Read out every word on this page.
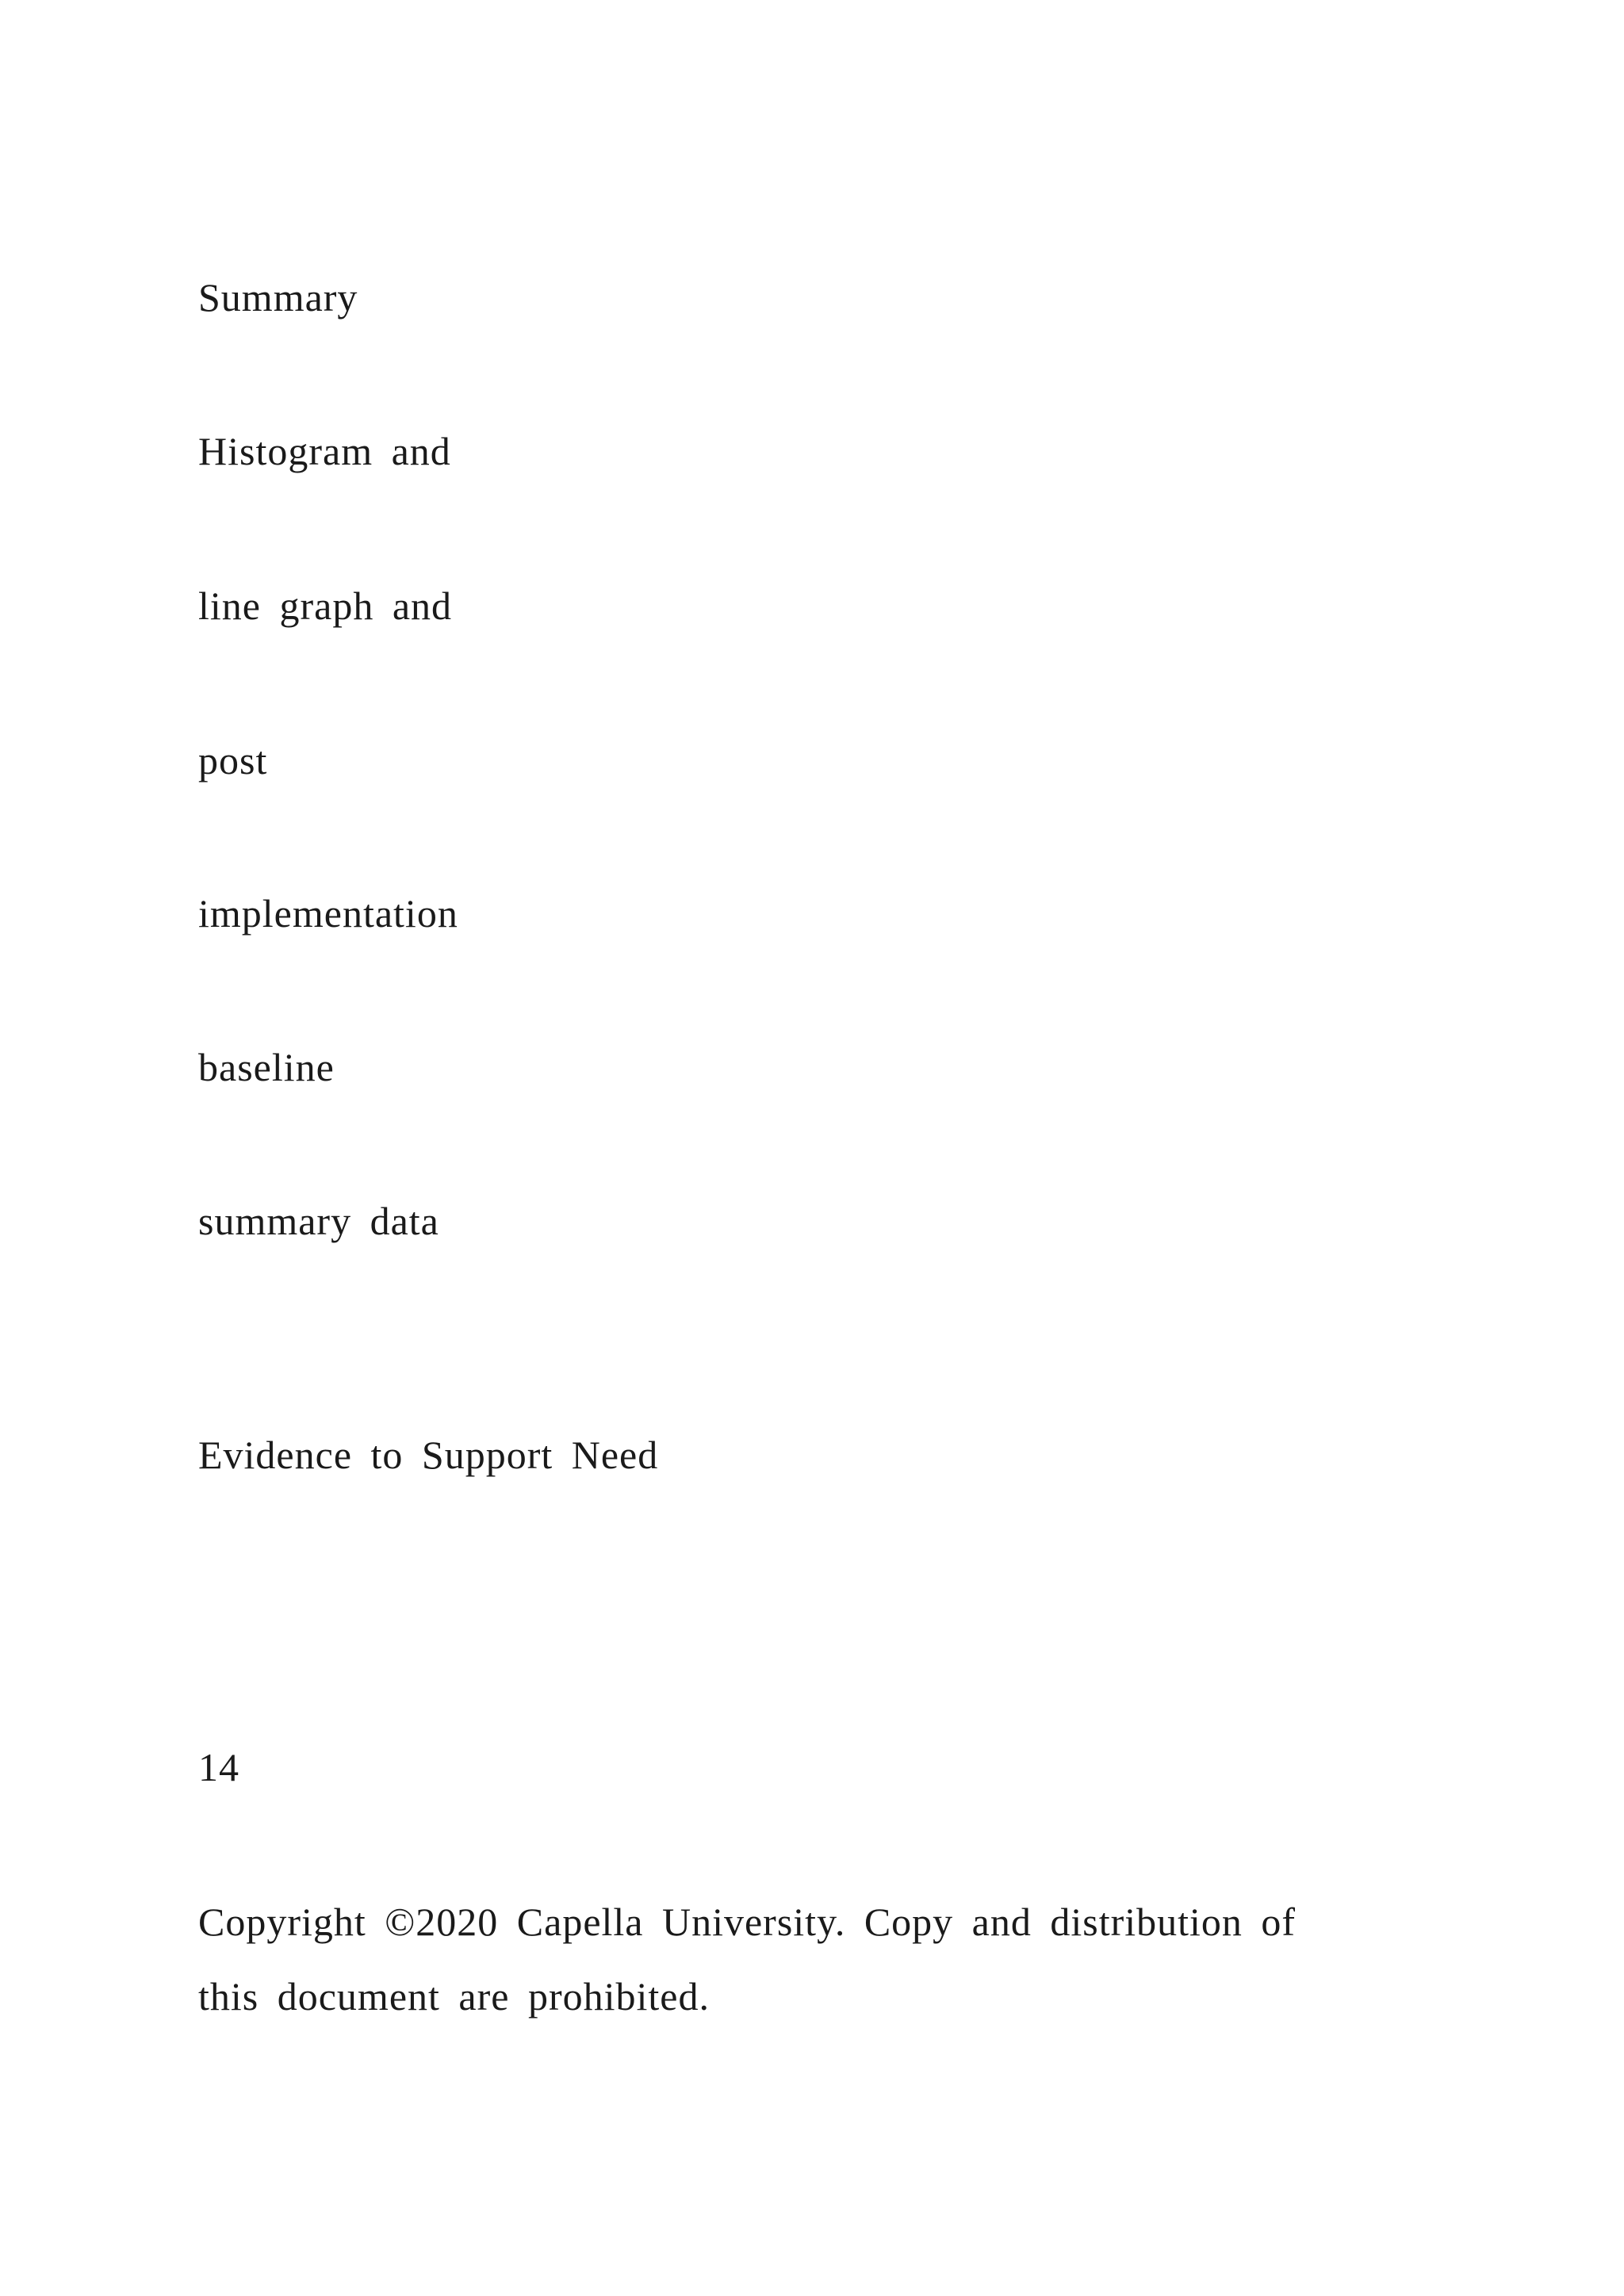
Summary
Histogram and
line graph and
post
implementation
baseline
summary data
Evidence to Support Need
14
Copyright ©2020 Capella University. Copy and distribution of
this document are prohibited.
